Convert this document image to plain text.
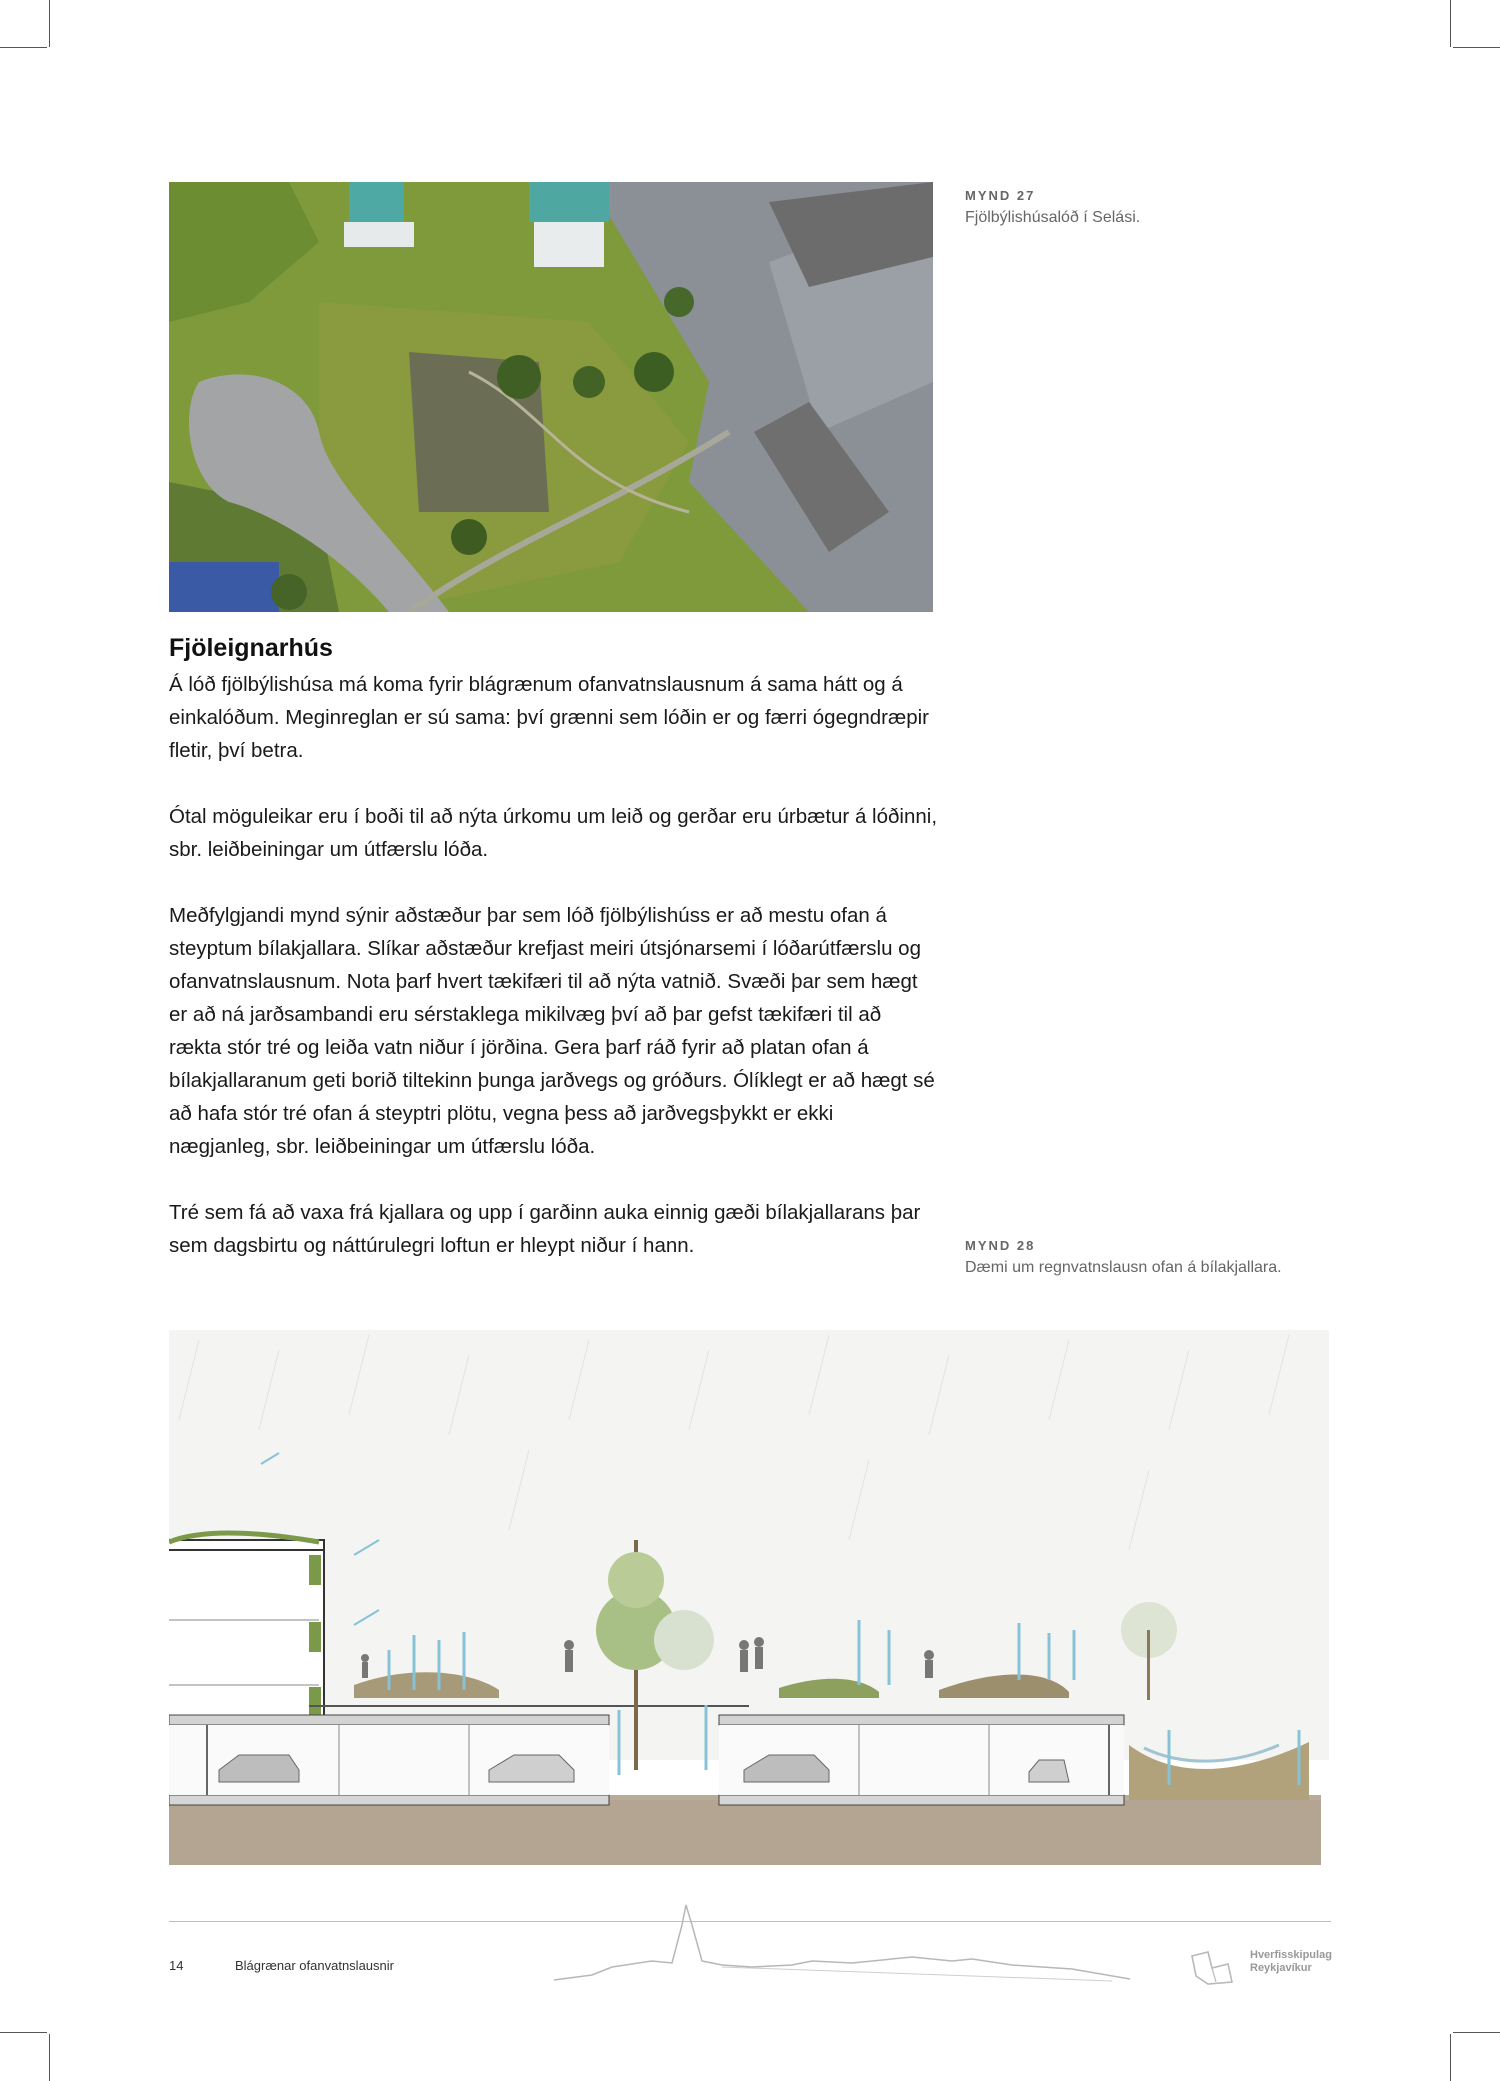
MYND 27
Fjölbýlishúsalóð í Selási.
Fjöleignarhús

Á lóð fjölbýlishúsa má koma fyrir blágrænum ofanvatnslausnum á sama hátt og á einkalóðum. Meginreglan er sú sama: því grænni sem lóðin er og færri ógegndræpir fletir, því betra.

Ótal möguleikar eru í boði til að nýta úrkomu um leið og gerðar eru úrbætur á lóðinni, sbr. leiðbeiningar um útfærslu lóða.

Meðfylgjandi mynd sýnir aðstæður þar sem lóð fjölbýlishúss er að mestu ofan á steyptum bílakjallara. Slíkar aðstæður krefjast meiri útsjónarsemi í lóðarútfærslu og ofanvatnslausnum. Nota þarf hvert tækifæri til að nýta vatnið. Svæði þar sem hægt er að ná jarðsambandi eru sérstaklega mikilvæg því að þar gefst tækifæri til að rækta stór tré og leiða vatn niður í jörðina. Gera þarf ráð fyrir að platan ofan á bílakjallaranum geti borið tiltekinn þunga jarðvegs og gróðurs. Ólíklegt er að hægt sé að hafa stór tré ofan á steyptri plötu, vegna þess að jarðvegsþykkt er ekki nægjanleg, sbr. leiðbeiningar um útfærslu lóða.

Tré sem fá að vaxa frá kjallara og upp í garðinn auka einnig gæði bílakjallarans þar sem dagsbirtu og náttúrulegri loftun er hleypt niður í hann.	MYND 28
Dæmi um regnvatnslausn ofan á bílakjallara.
14	Blágrænar ofanvatnslausnir
Hverfisskipulag
Reykjavíkur
